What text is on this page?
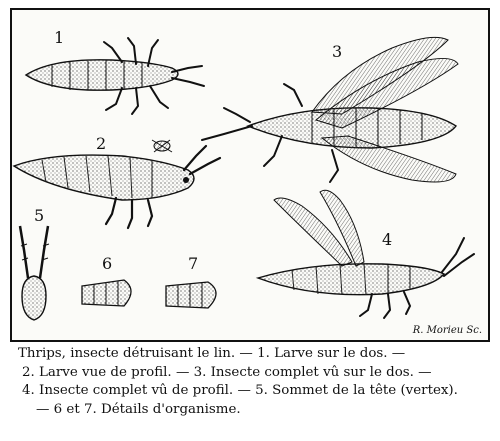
1
2
3
4
5
6	7
R. Morieu Sc.
Thrips, insecte détruisant le lin. — 1. Larve sur le dos. —
2. Larve vue de profil. — 3. Insecte complet vû sur le dos. —
4. Insecte complet vû de profil. — 5. Sommet de la tête (vertex).
— 6 et 7. Détails d'organisme.
